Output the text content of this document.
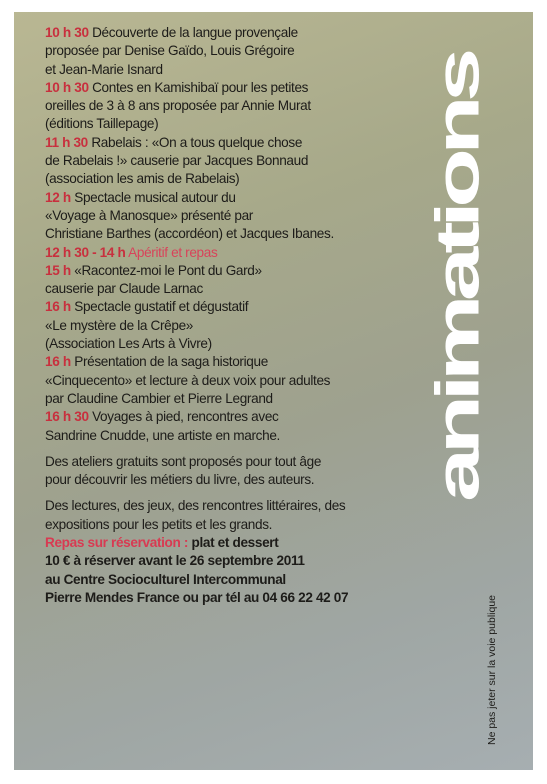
10 h 30 Découverte de la langue provençale
proposée par Denise Gaïdo, Louis Grégoire
et Jean-Marie Isnard
10 h 30 Contes en Kamishibaï pour les petites
oreilles de 3 à 8 ans proposée par Annie Murat
(éditions Taillepage)
11 h 30 Rabelais : «On a tous quelque chose
de Rabelais !» causerie par Jacques Bonnaud
(association les amis de Rabelais)
12 h Spectacle musical autour du
«Voyage à Manosque» présenté par
Christiane Barthes (accordéon) et Jacques Ibanes.
12 h 30 - 14 h Apéritif et repas
15 h «Racontez-moi le Pont du Gard»
causerie par Claude Larnac
16 h Spectacle gustatif et dégustatif
«Le mystère de la Crêpe»
(Association Les Arts à Vivre)
16 h Présentation de la saga historique
«Cinquecento» et lecture à deux voix pour adultes
par Claudine Cambier et Pierre Legrand
16 h 30 Voyages à pied, rencontres avec
Sandrine Cnudde, une artiste en marche.
Des ateliers gratuits sont proposés pour tout âge
pour découvrir les métiers du livre, des auteurs.
Des lectures, des jeux, des rencontres littéraires, des
expositions pour les petits et les grands.
Repas sur réservation : plat et dessert
10 € à réserver avant le 26 septembre 2011
au Centre Socioculturel Intercommunal
Pierre Mendes France ou par tél au 04 66 22 42 07
animations
Ne pas jeter sur la voie publique
